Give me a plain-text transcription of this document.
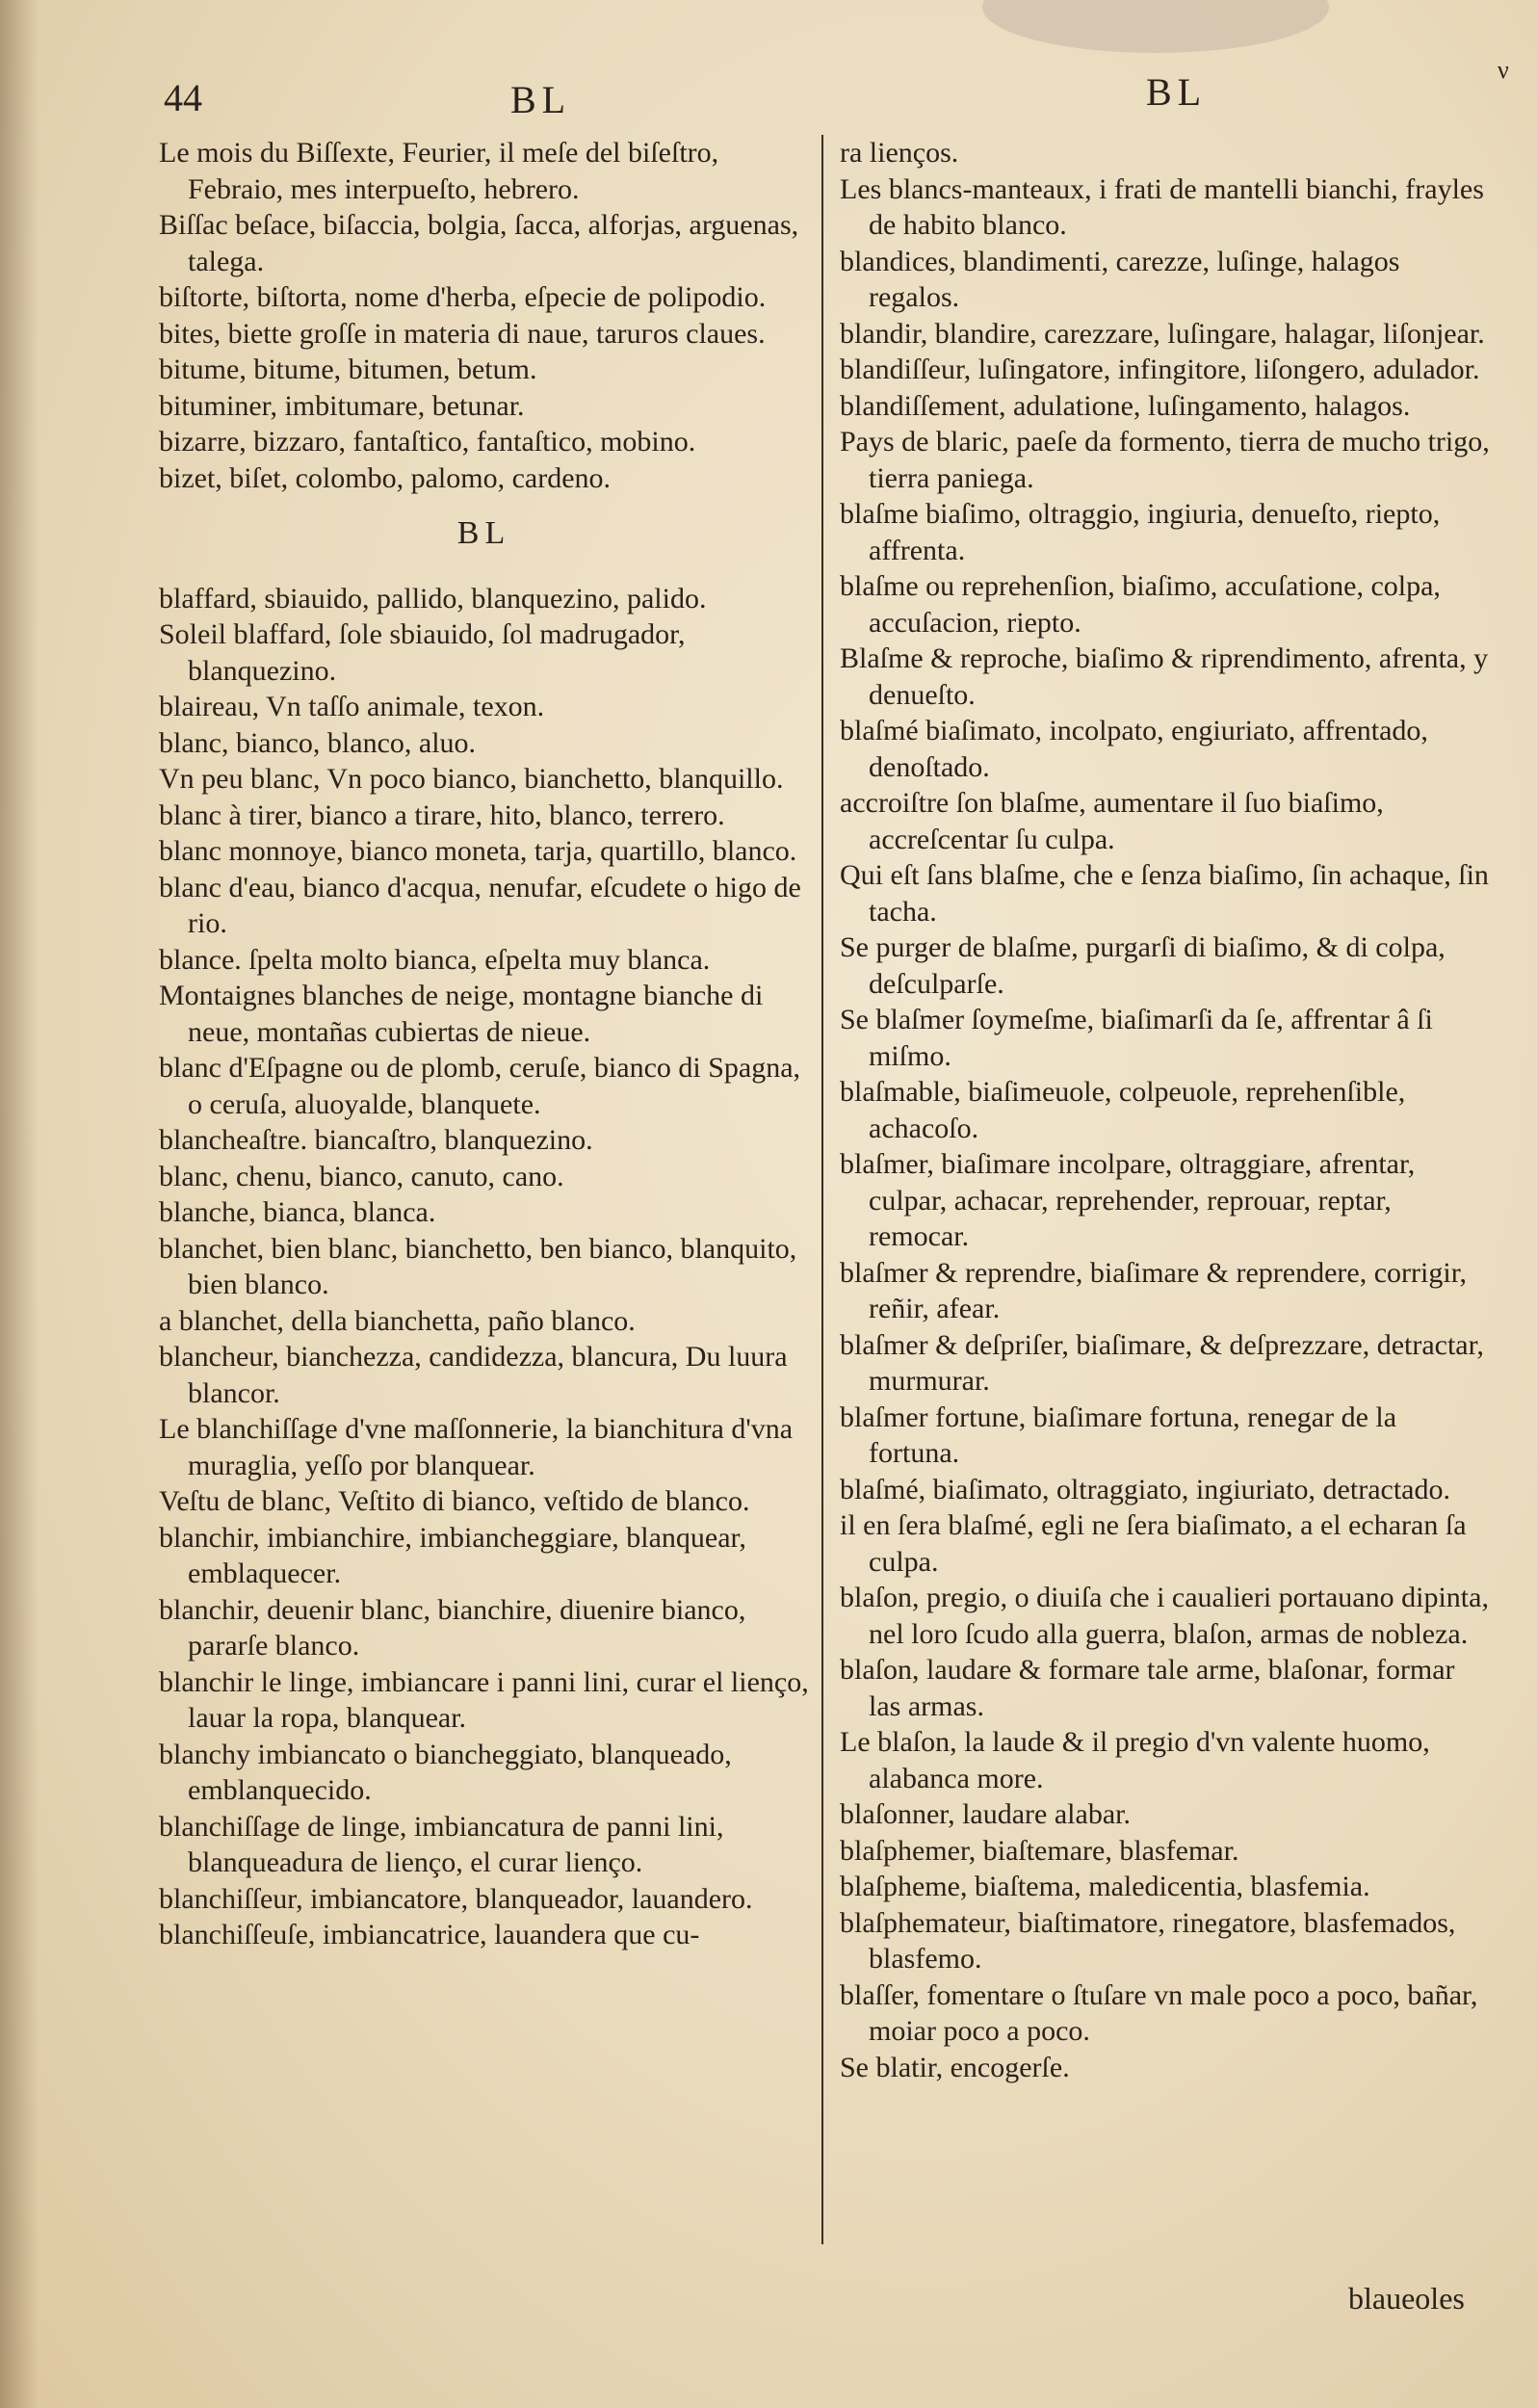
44	BL	BL
ν

Le mois du Biſſexte, Feurier, il meſe del biſeſtro, Febraio, mes interpueſto, hebrero.

Biſſac beſace, biſaccia, bolgia, ſacca, alforjas, arguenas, talega.

biſtorte, biſtorta, nome d'herba, eſpecie de polipodio.

bites, biette groſſe in materia di naue, taruгos claues.

bitume, bitume, bitumen, betum.

bituminer, imbitumare, betunar.

bizarre, bizzaro, fantaſtico, fantaſtico, mobino.

bizet, biſet, colombo, palomo, cardeno.

BL

blaffard, sbiauido, pallido, blanquezino, palido.

Soleil blaffard, ſole sbiauido, ſol madrugador, blanquezino.

blaireau, Vn taſſo animale, texon.

blanc, bianco, blanco, aluo.

Vn peu blanc, Vn poco bianco, bianchetto, blanquillo.

blanc à tirer, bianco a tirare, hito, blanco, terrero.

blanc monnoye, bianco moneta, tarja, quartillo, blanco.

blanc d'eau, bianco d'acqua, nenufar, eſcudete o higo de rio.

blance. ſpelta molto bianca, eſpelta muy blanca.

Montaignes blanches de neige, montagne bianche di neue, montañas cubiertas de nieue.

blanc d'Eſpagne ou de plomb, ceruſe, bianco di Spagna, o ceruſa, aluoyalde, blanquete.

blancheaſtre. biancaſtro, blanquezino.

blanc, chenu, bianco, canuto, cano.

blanche, bianca, blanca.

blanchet, bien blanc, bianchetto, ben bianco, blanquito, bien blanco.

a blanchet, della bianchetta, paño blanco.

blancheur, bianchezza, candidezza, blancura, Du luura blancor.

Le blanchiſſage d'vne maſſonnerie, la bianchitura d'vna muraglia, yeſſo por blanquear.

Veſtu de blanc, Veſtito di bianco, veſtido de blanco.

blanchir, imbianchire, imbiancheggiare, blanquear, emblaquecer.

blanchir, deuenir blanc, bianchire, diuenire bianco, pararſe blanco.

blanchir le linge, imbiancare i panni lini, curar el lienço, lauar la ropa, blanquear.

blanchy imbiancato o biancheggiato, blanqueado, emblanquecido.

blanchiſſage de linge, imbiancatura de panni lini, blanqueadura de lienço, el curar lienço.

blanchiſſeur, imbiancatore, blanqueador, lauandero.

blanchiſſeuſe, imbiancatrice, lauandera que cu-

ra lienços.

Les blancs-manteaux, i frati de mantelli bianchi, frayles de habito blanco.

blandices, blandimenti, carezze, luſinge, halagos regalos.

blandir, blandire, carezzare, luſingare, halagar, liſonjear.

blandiſſeur, luſingatore, infingitore, liſongero, adulador.

blandiſſement, adulatione, luſingamento, halagos.

Pays de blaric, paeſe da formento, tierra de mucho trigo, tierra paniega.

blaſme biaſimo, oltraggio, ingiuria, denueſto, riepto, affrenta.

blaſme ou reprehenſion, biaſimo, accuſatione, colpa, accuſacion, riepto.

Blaſme & reproche, biaſimo & riprendimento, afrenta, y denueſto.

blaſmé biaſimato, incolpato, engiuriato, affrentado, denoſtado.

accroiſtre ſon blaſme, aumentare il ſuo biaſimo, accreſcentar ſu culpa.

Qui eſt ſans blaſme, che e ſenza biaſimo, ſin achaque, ſin tacha.

Se purger de blaſme, purgarſi di biaſimo, & di colpa, deſculparſe.

Se blaſmer ſoymeſme, biaſimarſi da ſe, affrentar â ſi miſmo.

blaſmable, biaſimeuole, colpeuole, reprehenſible, achacoſo.

blaſmer, biaſimare incolpare, oltraggiare, afrentar, culpar, achacar, reprehender, reprouar, reptar, remocar.

blaſmer & reprendre, biaſimare & reprendere, corrigir, reñir, afear.

blaſmer & deſpriſer, biaſimare, & deſprezzare, detractar, murmurar.

blaſmer fortune, biaſimare fortuna, renegar de la fortuna.

blaſmé, biaſimato, oltraggiato, ingiuriato, detractado.

il en ſera blaſmé, egli ne ſera biaſimato, a el echaran ſa culpa.

blaſon, pregio, o diuiſa che i caualieri portauano dipinta, nel loro ſcudo alla guerra, blaſon, armas de nobleza.

blaſon, laudare & formare tale arme, blaſonar, formar las armas.

Le blaſon, la laude & il pregio d'vn valente huomo, alabanca more.

blaſonner, laudare alabar.

blaſphemer, biaſtemare, blasfemar.

blaſpheme, biaſtema, maledicentia, blasfemia.

blaſphemateur, biaſtimatore, rinegatore, blasfemados, blasfemo.

blaſſer, fomentare o ſtuſare vn male poco a poco, bañar, moiar poco a poco.

Se blatir, encogerſe.

blaueoles
